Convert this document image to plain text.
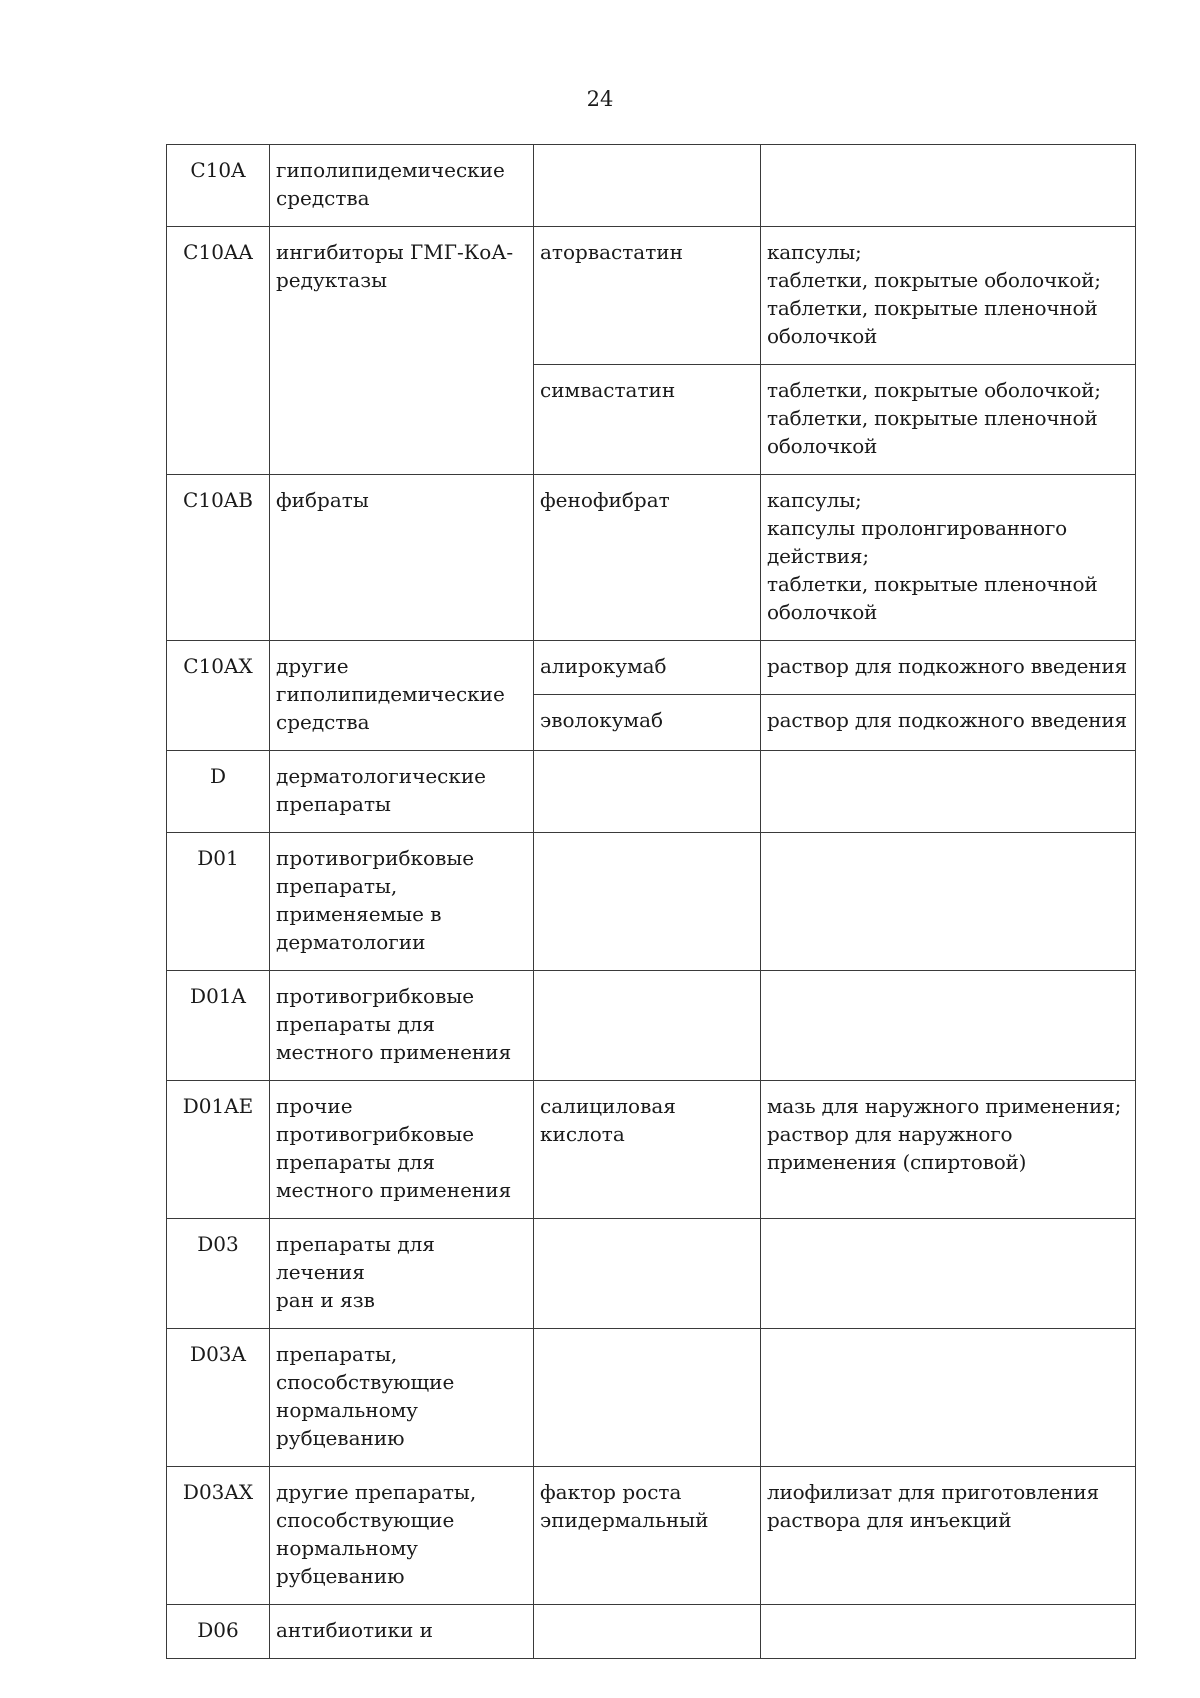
24
C10A	гиполипидемические
средства		
C10AA	ингибиторы ГМГ-КоА-
редуктазы	аторвастатин	капсулы;
таблетки, покрытые оболочкой;
таблетки, покрытые пленочной
оболочкой
		симвастатин	таблетки, покрытые оболочкой;
таблетки, покрытые пленочной
оболочкой
C10AB	фибраты	фенофибрат	капсулы;
капсулы пролонгированного
действия;
таблетки, покрытые пленочной
оболочкой
C10AX	другие
гиполипидемические
средства	алирокумаб	раствор для подкожного введения
		эволокумаб	раствор для подкожного введения
D	дерматологические
препараты		
D01	противогрибковые
препараты,
применяемые в
дерматологии		
D01A	противогрибковые
препараты для
местного применения		
D01AE	прочие
противогрибковые
препараты для
местного применения	салициловая
кислота	мазь для наружного применения;
раствор для наружного
применения (спиртовой)
D03	препараты для лечения
ран и язв		
D03A	препараты,
способствующие
нормальному
рубцеванию		
D03AX	другие препараты,
способствующие
нормальному
рубцеванию	фактор роста
эпидермальный	лиофилизат для приготовления
раствора для инъекций
D06	антибиотики и		
